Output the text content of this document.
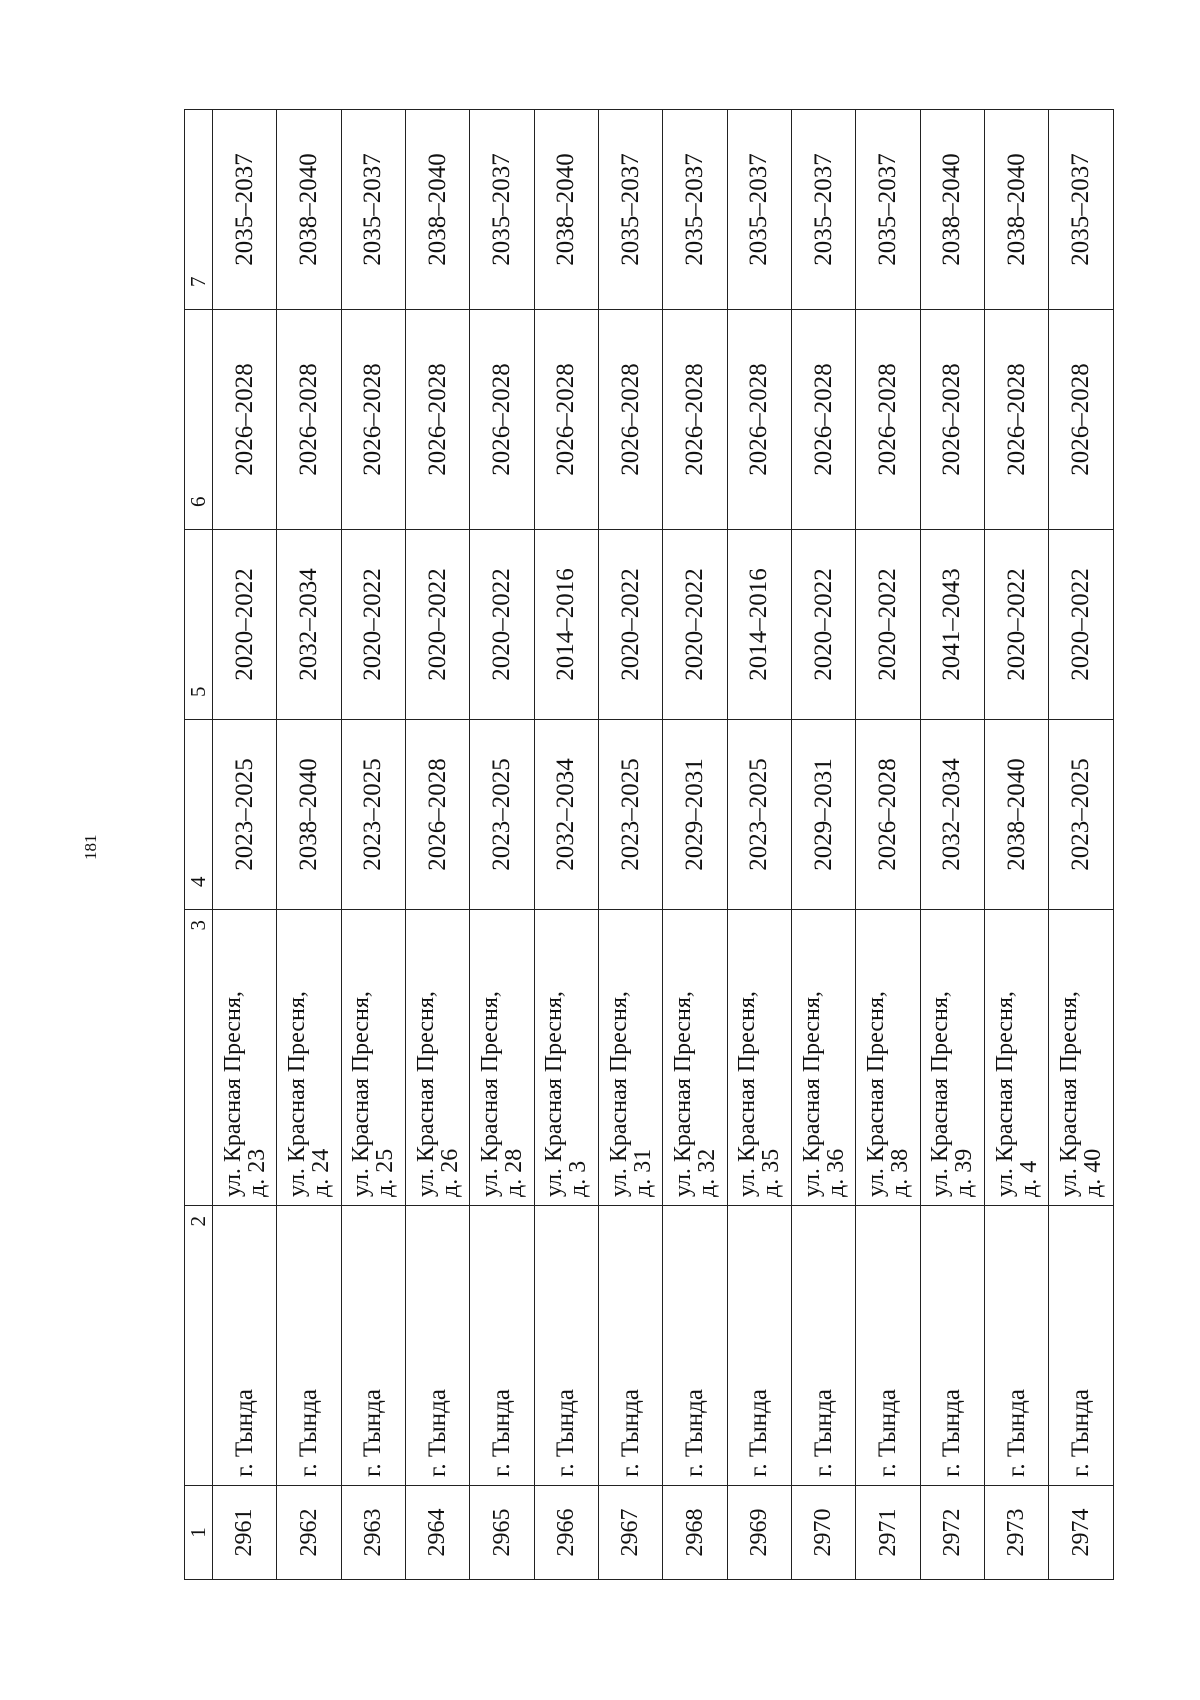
181
1	2	3	4	5	6	7
2961	г. Тында	ул. Красная Пресня,
д. 23	2023–2025	2020–2022	2026–2028	2035–2037
2962	г. Тында	ул. Красная Пресня,
д. 24	2038–2040	2032–2034	2026–2028	2038–2040
2963	г. Тында	ул. Красная Пресня,
д. 25	2023–2025	2020–2022	2026–2028	2035–2037
2964	г. Тында	ул. Красная Пресня,
д. 26	2026–2028	2020–2022	2026–2028	2038–2040
2965	г. Тында	ул. Красная Пресня,
д. 28	2023–2025	2020–2022	2026–2028	2035–2037
2966	г. Тында	ул. Красная Пресня,
д. 3	2032–2034	2014–2016	2026–2028	2038–2040
2967	г. Тында	ул. Красная Пресня,
д. 31	2023–2025	2020–2022	2026–2028	2035–2037
2968	г. Тында	ул. Красная Пресня,
д. 32	2029–2031	2020–2022	2026–2028	2035–2037
2969	г. Тында	ул. Красная Пресня,
д. 35	2023–2025	2014–2016	2026–2028	2035–2037
2970	г. Тында	ул. Красная Пресня,
д. 36	2029–2031	2020–2022	2026–2028	2035–2037
2971	г. Тында	ул. Красная Пресня,
д. 38	2026–2028	2020–2022	2026–2028	2035–2037
2972	г. Тында	ул. Красная Пресня,
д. 39	2032–2034	2041–2043	2026–2028	2038–2040
2973	г. Тында	ул. Красная Пресня,
д. 4	2038–2040	2020–2022	2026–2028	2038–2040
2974	г. Тында	ул. Красная Пресня,
д. 40	2023–2025	2020–2022	2026–2028	2035–2037
